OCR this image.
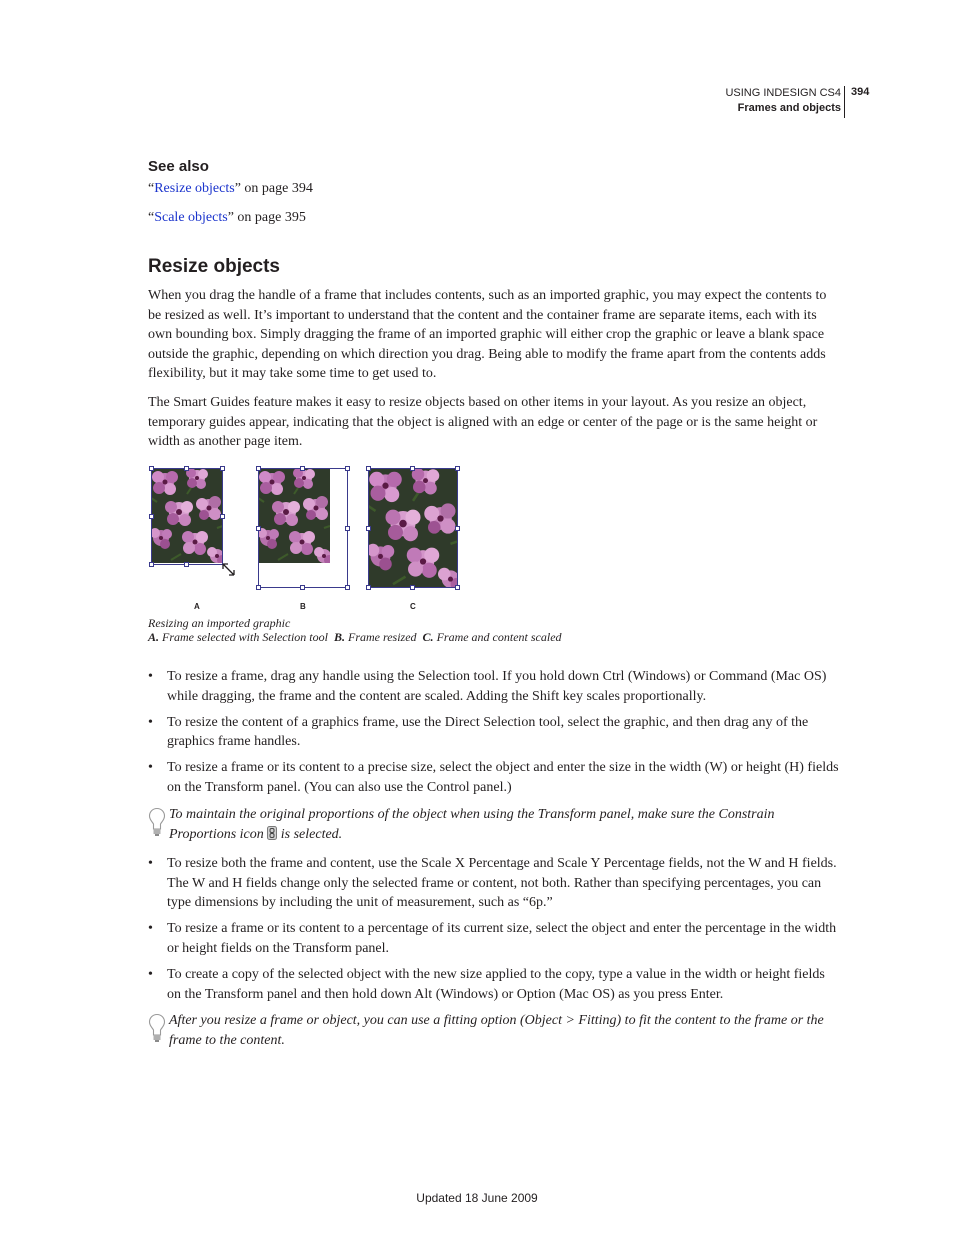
USING INDESIGN CS4
Frames and objects
394
See also
“Resize objects” on page 394
“Scale objects” on page 395
Resize objects

When you drag the handle of a frame that includes contents, such as an imported graphic, you may expect the contents to be resized as well. It’s important to understand that the content and the container frame are separate items, each with its own bounding box. Simply dragging the frame of an imported graphic will either crop the graphic or leave a blank space outside the graphic, depending on which direction you drag. Being able to modify the frame apart from the contents adds flexibility, but it may take some time to get used to.

The Smart Guides feature makes it easy to resize objects based on other items in your layout. As you resize an object, temporary guides appear, indicating that the object is aligned with an edge or center of the page or is the same height or width as another page item.

A	B	C
Resizing an imported graphic
A. Frame selected with Selection tool B. Frame resized C. Frame and content scaled
• To resize a frame, drag any handle using the Selection tool. If you hold down Ctrl (Windows) or Command (Mac OS) while dragging, the frame and the content are scaled. Adding the Shift key scales proportionally.
• To resize the content of a graphics frame, use the Direct Selection tool, select the graphic, and then drag any of the graphics frame handles.
• To resize a frame or its content to a precise size, select the object and enter the size in the width (W) or height (H) fields on the Transform panel. (You can also use the Control panel.)
To maintain the original proportions of the object when using the Transform panel, make sure the Constrain Proportions icon  is selected.
• To resize both the frame and content, use the Scale X Percentage and Scale Y Percentage fields, not the W and H fields. The W and H fields change only the selected frame or content, not both. Rather than specifying percentages, you can type dimensions by including the unit of measurement, such as “6p.”
• To resize a frame or its content to a percentage of its current size, select the object and enter the percentage in the width or height fields on the Transform panel.
• To create a copy of the selected object with the new size applied to the copy, type a value in the width or height fields on the Transform panel and then hold down Alt (Windows) or Option (Mac OS) as you press Enter.
After you resize a frame or object, you can use a fitting option (Object > Fitting) to fit the content to the frame or the frame to the content.
Updated 18 June 2009
